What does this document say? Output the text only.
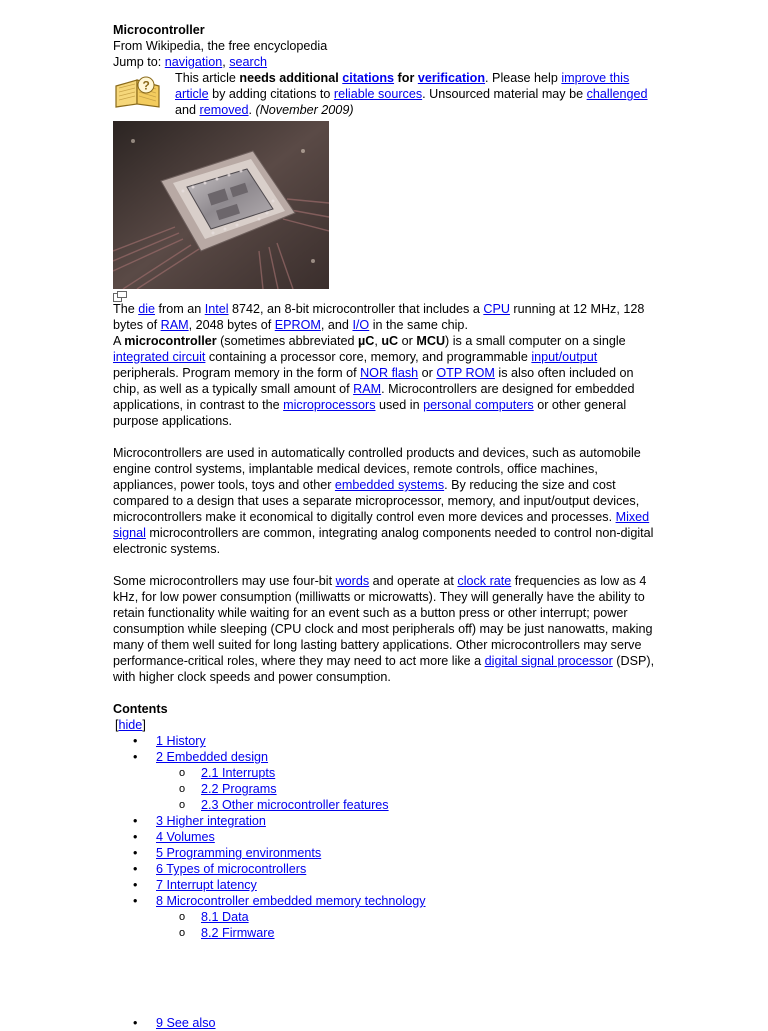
Microcontroller
From Wikipedia, the free encyclopedia
Jump to: navigation, search
?
This article needs additional citations for verification. Please help improve this article by adding citations to reliable sources. Unsourced material may be challenged and removed. (November 2009)

The die from an Intel 8742, an 8-bit microcontroller that includes a CPU running at 12 MHz, 128 bytes of RAM, 2048 bytes of EPROM, and I/O in the same chip.

A microcontroller (sometimes abbreviated µC, uC or MCU) is a small computer on a single integrated circuit containing a processor core, memory, and programmable input/output peripherals. Program memory in the form of NOR flash or OTP ROM is also often included on chip, as well as a typically small amount of RAM. Microcontrollers are designed for embedded applications, in contrast to the microprocessors used in personal computers or other general purpose applications.

Microcontrollers are used in automatically controlled products and devices, such as automobile engine control systems, implantable medical devices, remote controls, office machines, appliances, power tools, toys and other embedded systems. By reducing the size and cost compared to a design that uses a separate microprocessor, memory, and input/output devices, microcontrollers make it economical to digitally control even more devices and processes. Mixed signal microcontrollers are common, integrating analog components needed to control non-digital electronic systems.

Some microcontrollers may use four-bit words and operate at clock rate frequencies as low as 4 kHz, for low power consumption (milliwatts or microwatts). They will generally have the ability to retain functionality while waiting for an event such as a button press or other interrupt; power consumption while sleeping (CPU clock and most peripherals off) may be just nanowatts, making many of them well suited for long lasting battery applications. Other microcontrollers may serve performance-critical roles, where they may need to act more like a digital signal processor (DSP), with higher clock speeds and power consumption.

Contents
[hide]
• 1 History
• 2 Embedded design
o 2.1 Interrupts
o 2.2 Programs
o 2.3 Other microcontroller features
• 3 Higher integration
• 4 Volumes
• 5 Programming environments
• 6 Types of microcontrollers
• 7 Interrupt latency
• 8 Microcontroller embedded memory technology
o 8.1 Data
o 8.2 Firmware
• 9 See also
